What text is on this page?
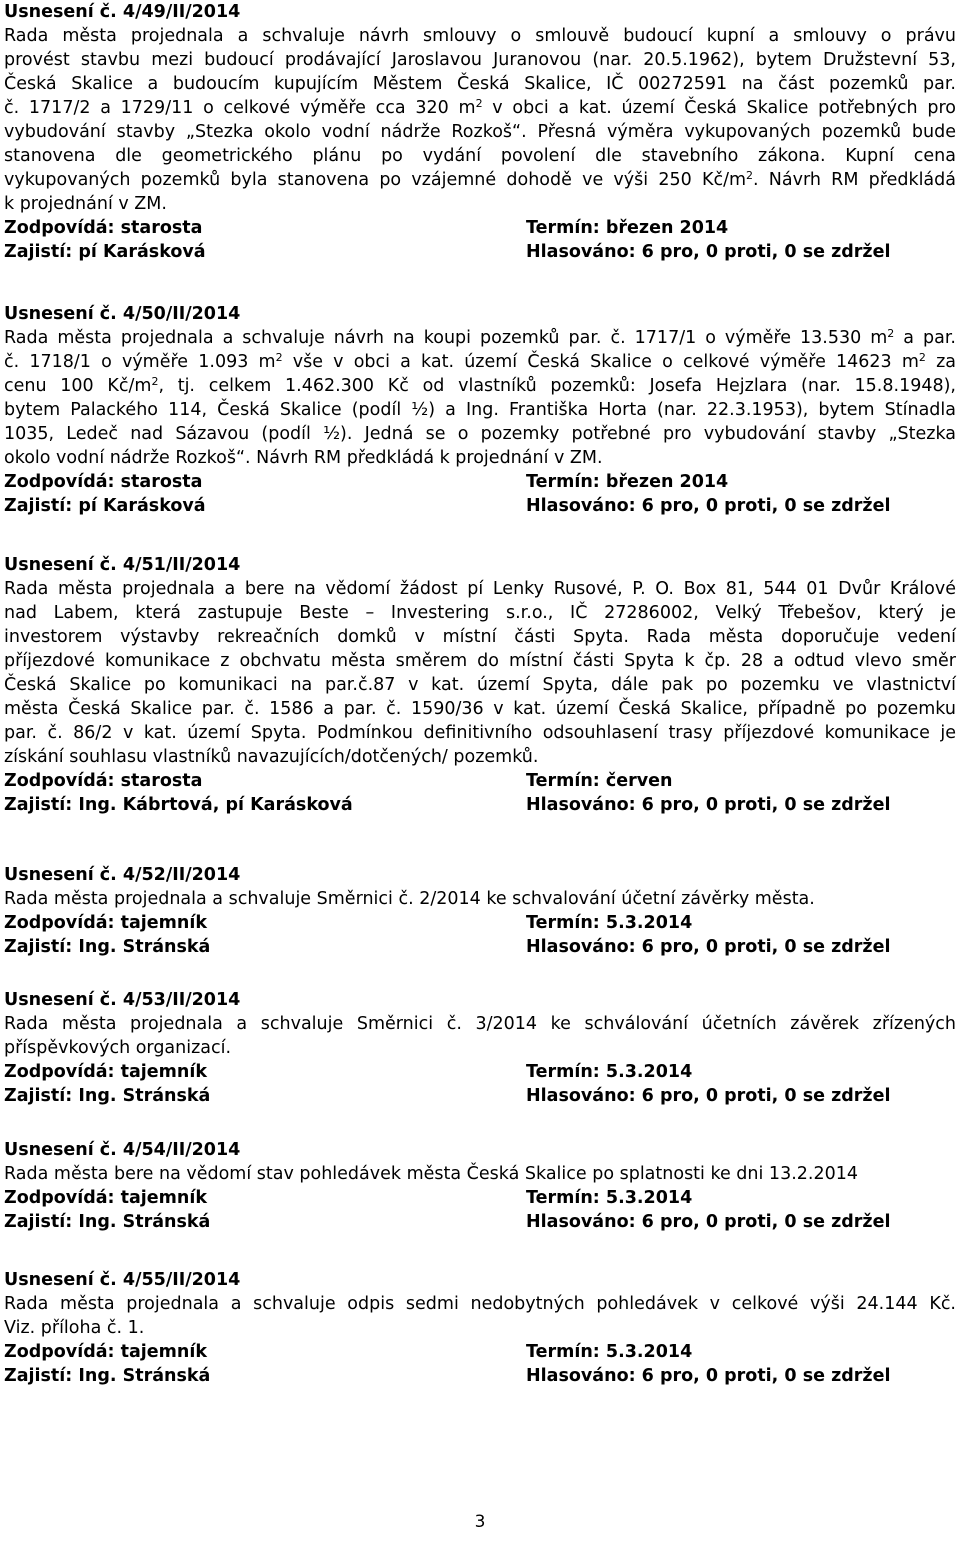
Usnesení č. 4/49/II/2014
Rada města projednala a schvaluje návrh smlouvy o smlouvě budoucí kupní a smlouvy o právu
provést stavbu mezi budoucí prodávající Jaroslavou Juranovou (nar. 20.5.1962), bytem Družstevní 53,
Česká Skalice a budoucím kupujícím Městem Česká Skalice, IČ 00272591 na část pozemků par.
č. 1717/2 a 1729/11 o celkové výměře cca 320 $m^2$ v obci a kat. území Česká Skalice potřebných pro
vybudování stavby „Stezka okolo vodní nádrže Rozkoš“. Přesná výměra vykupovaných pozemků bude
stanovena dle geometrického plánu po vydání povolení dle stavebního zákona. Kupní cena
vykupovaných pozemků byla stanovena po vzájemné dohodě ve výši 250 $Kč/m^2$. Návrh RM předkládá
k projednání v ZM.
Zodpovídá: starosta	Termín: březen 2014
Zajistí: pí Karásková	Hlasováno: 6 pro, 0 proti, 0 se zdržel
Usnesení č. 4/50/II/2014
Rada města projednala a schvaluje návrh na koupi pozemků par. č. 1717/1 o výměře 13.530 $m^2$ a par.
č. 1718/1 o výměře 1.093 $m^2$ vše v obci a kat. území Česká Skalice o celkové výměře 14623 $m^2$ za
cenu 100 $Kč/m^2$, tj. celkem 1.462.300 Kč od vlastníků pozemků: Josefa Hejzlara (nar. 15.8.1948),
bytem Palackého 114, Česká Skalice (podíl ½) a Ing. Františka Horta (nar. 22.3.1953), bytem Stínadla
1035, Ledeč nad Sázavou (podíl ½). Jedná se o pozemky potřebné pro vybudování stavby „Stezka
okolo vodní nádrže Rozkoš“. Návrh RM předkládá k projednání v ZM.
Zodpovídá: starosta	Termín: březen 2014
Zajistí: pí Karásková	Hlasováno: 6 pro, 0 proti, 0 se zdržel
Usnesení č. 4/51/II/2014
Rada města projednala a bere na vědomí žádost pí Lenky Rusové, P. O. Box 81, 544 01 Dvůr Králové
nad Labem, která zastupuje Beste – Investering s.r.o., IČ 27286002, Velký Třebešov, který je
investorem výstavby rekreačních domků v místní části Spyta. Rada města doporučuje vedení
příjezdové komunikace z obchvatu města směrem do místní části Spyta k čp. 28 a odtud vlevo směr
Česká Skalice po komunikaci na par.č.87 v kat. území Spyta, dále pak po pozemku ve vlastnictví
města Česká Skalice par. č. 1586 a par. č. 1590/36 v kat. území Česká Skalice, případně po pozemku
par. č. 86/2 v kat. území Spyta. Podmínkou definitivního odsouhlasení trasy příjezdové komunikace je
získání souhlasu vlastníků navazujících/dotčených/ pozemků.
Zodpovídá: starosta	Termín: červen
Zajistí: Ing. Kábrtová, pí Karásková	Hlasováno: 6 pro, 0 proti, 0 se zdržel
Usnesení č. 4/52/II/2014
Rada města projednala a schvaluje Směrnici č. 2/2014 ke schvalování účetní závěrky města.
Zodpovídá: tajemník	Termín: 5.3.2014
Zajistí: Ing. Stránská	Hlasováno: 6 pro, 0 proti, 0 se zdržel
Usnesení č. 4/53/II/2014
Rada města projednala a schvaluje Směrnici č. 3/2014 ke schválování účetních závěrek zřízených
příspěvkových organizací.
Zodpovídá: tajemník	Termín: 5.3.2014
Zajistí: Ing. Stránská	Hlasováno: 6 pro, 0 proti, 0 se zdržel
Usnesení č. 4/54/II/2014
Rada města bere na vědomí stav pohledávek města Česká Skalice po splatnosti ke dni 13.2.2014
Zodpovídá: tajemník	Termín: 5.3.2014
Zajistí: Ing. Stránská	Hlasováno: 6 pro, 0 proti, 0 se zdržel
Usnesení č. 4/55/II/2014
Rada města projednala a schvaluje odpis sedmi nedobytných pohledávek v celkové výši 24.144 Kč.
Viz. příloha č. 1.
Zodpovídá: tajemník	Termín: 5.3.2014
Zajistí: Ing. Stránská	Hlasováno: 6 pro, 0 proti, 0 se zdržel
3
